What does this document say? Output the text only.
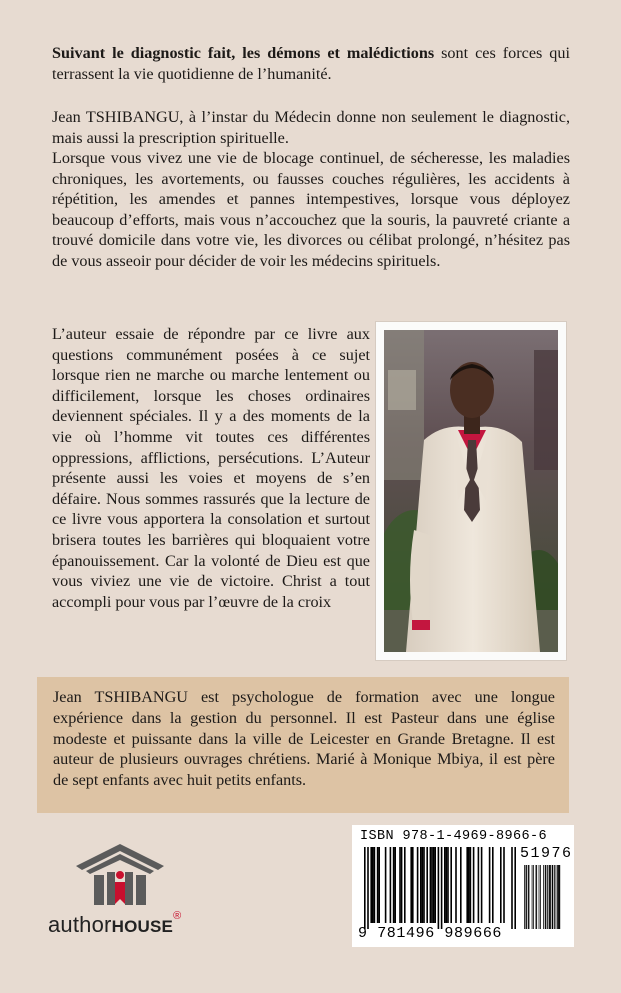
Suivant le diagnostic fait, les démons et malédictions sont ces forces qui terrassent la vie quotidienne de l’humanité.

Jean TSHIBANGU, à l’instar du Médecin donne non seulement le diagnostic, mais aussi la prescription spirituelle.
Lorsque vous vivez une vie de blocage continuel, de sécheresse, les maladies chroniques, les avortements, ou fausses couches régulières, les accidents à répétition, les amendes et pannes intempestives, lorsque vous déployez beaucoup d’efforts, mais vous n’accouchez que la souris, la pauvreté criante a trouvé domicile dans votre vie, les divorces ou célibat prolongé, n’hésitez pas de vous asseoir pour décider de voir les médecins spirituels.

L’auteur essaie de répondre par ce livre aux questions communément posées à ce sujet lorsque rien ne marche ou marche lentement ou difficilement, lorsque les choses ordinaires deviennent spéciales. Il y a des moments de la vie où l’homme vit toutes ces différentes oppressions, afflictions, persécutions. L’Auteur présente aussi les voies et moyens de s’en défaire. Nous sommes rassurés que la lecture de ce livre vous apportera la consolation et surtout brisera toutes les barrières qui bloquaient votre épanouissement. Car la volonté de Dieu est que vous viviez une vie de victoire. Christ a tout accompli pour vous par l’œuvre de la croix

Jean TSHIBANGU est psychologue de formation avec une longue expérience dans la gestion du personnel. Il est Pasteur dans une église modeste et puissante dans la ville de Leicester en Grande Bretagne. Il est auteur de plusieurs ouvrages chrétiens. Marié à Monique Mbiya, il est père de sept enfants avec huit petits enfants.

ISBN 978-1-4969-8966-6
51976
9 781496 989666
authorHOUSE®
